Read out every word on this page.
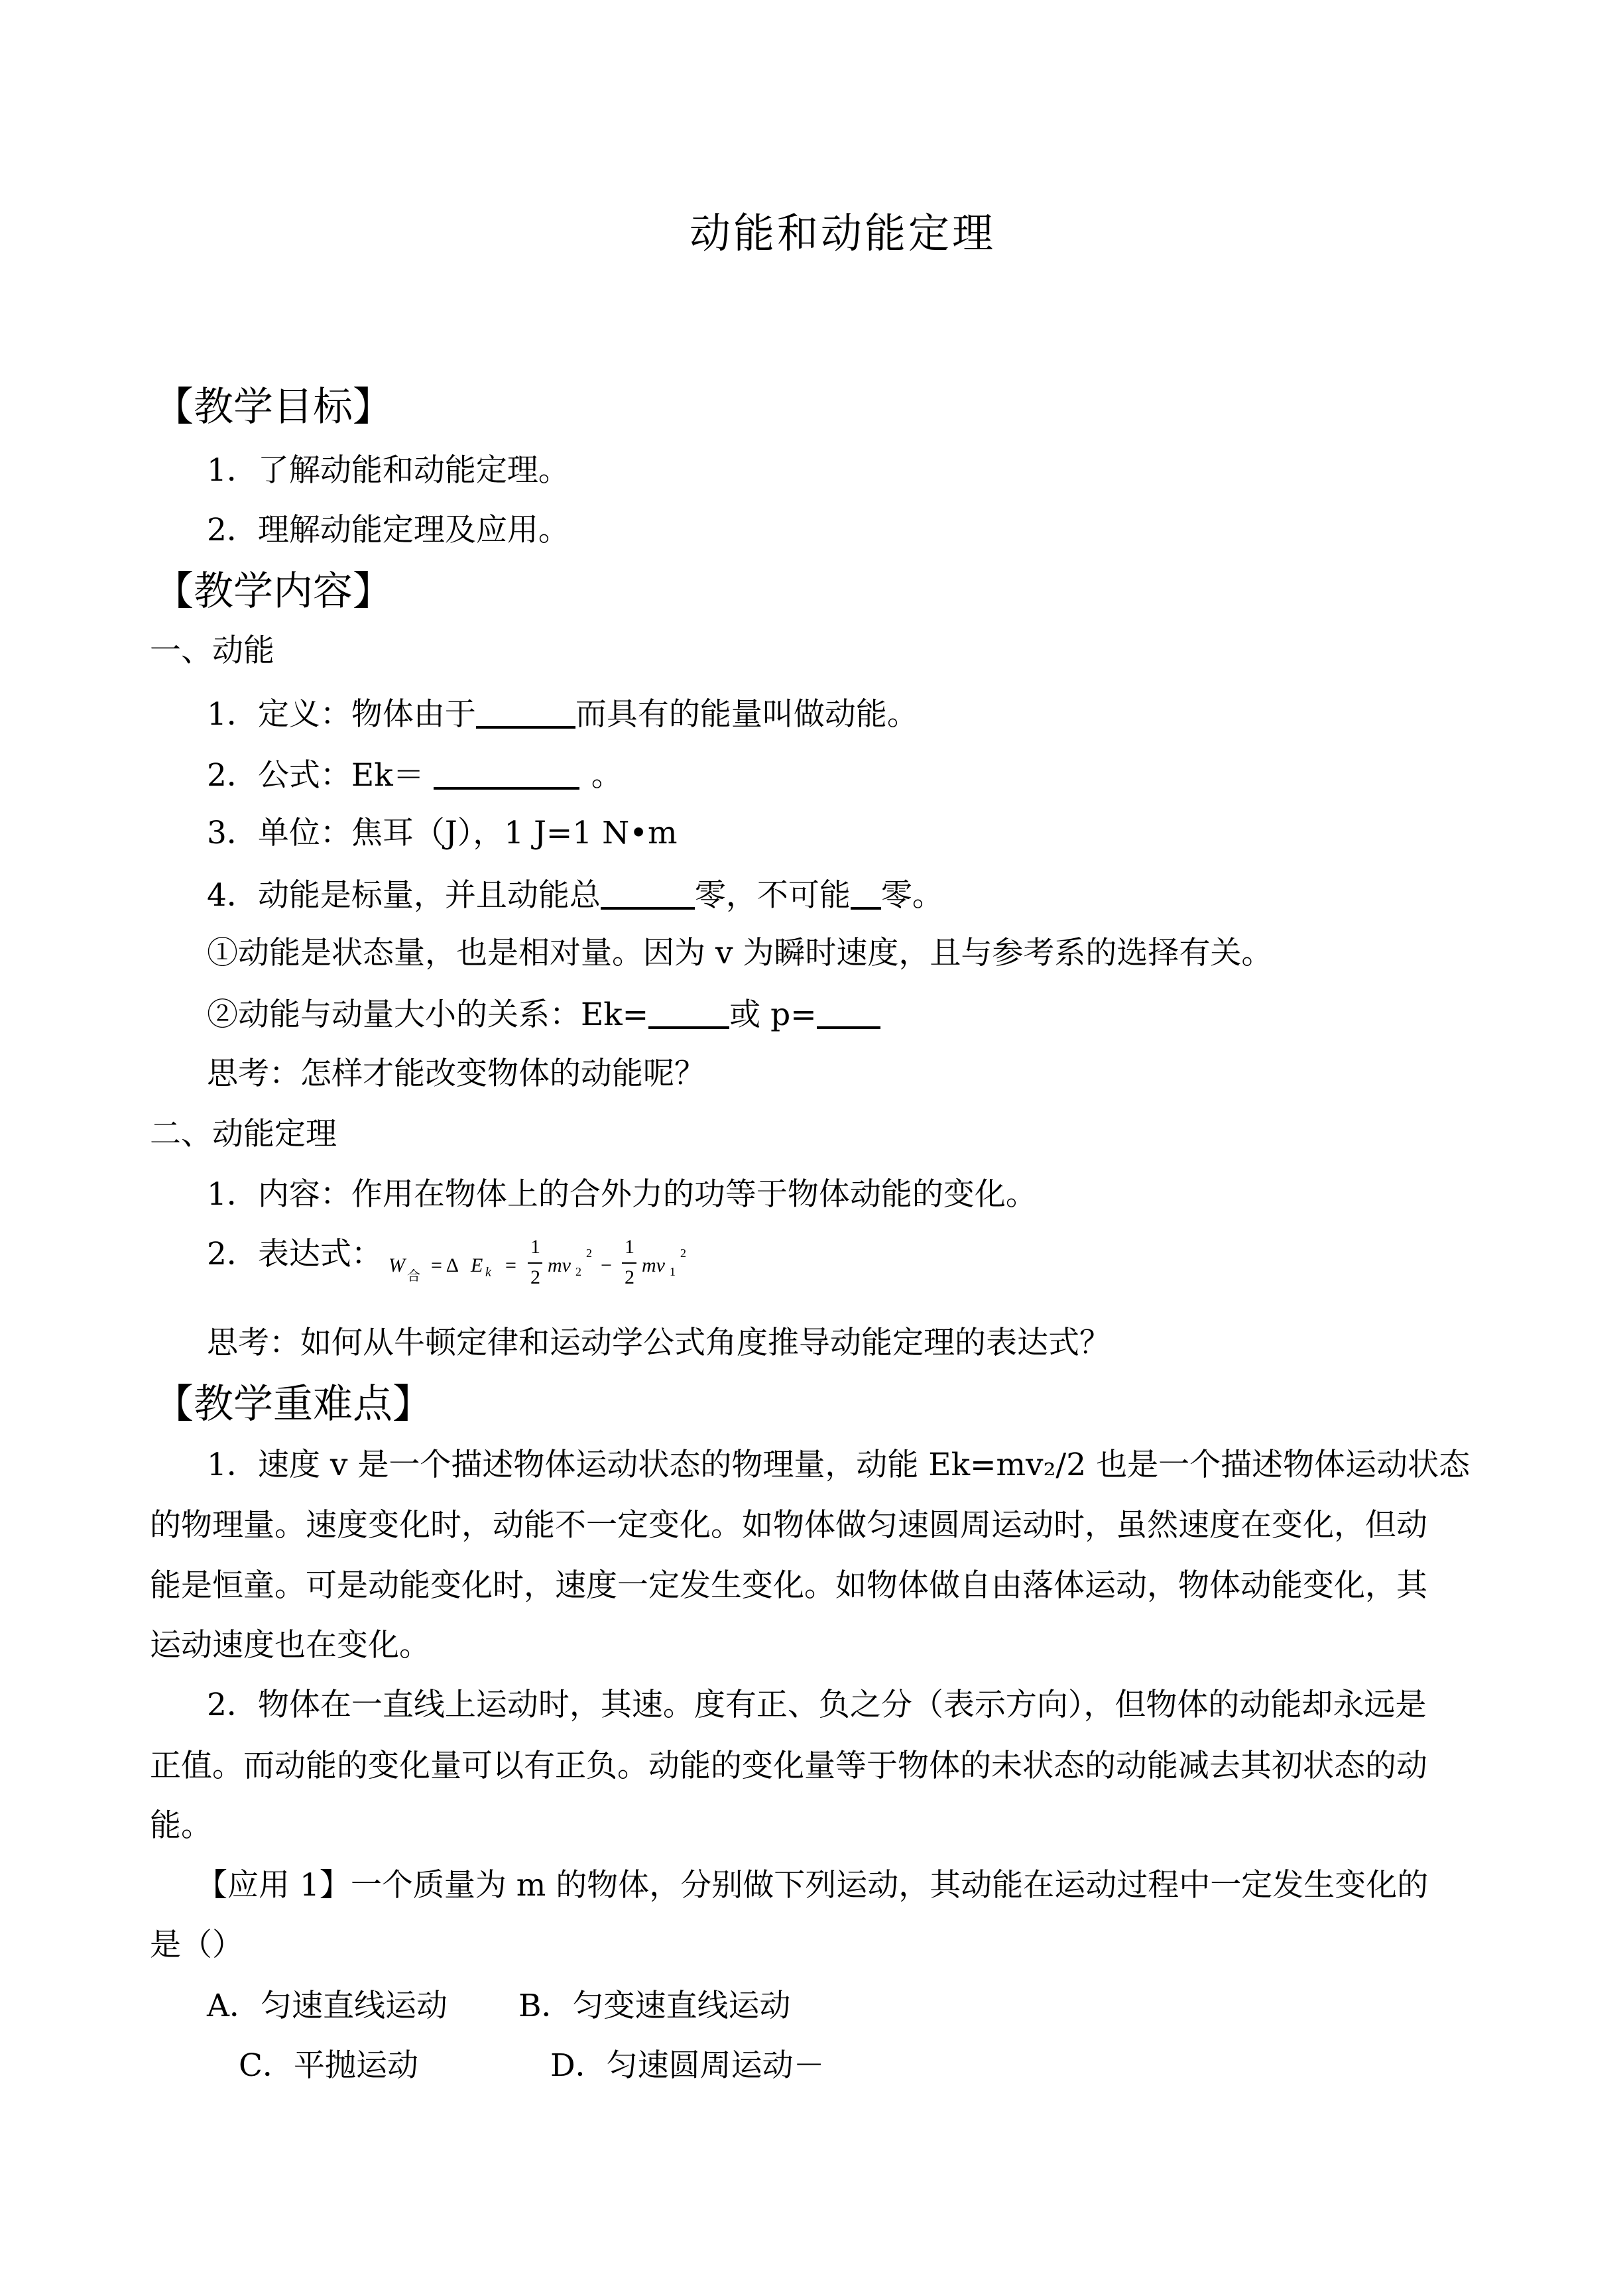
动能和动能定理
【教学目标】
1．了解动能和动能定理。
2．理解动能定理及应用。
【教学内容】
一、动能
1．定义：物体由于	而具有的能量叫做动能。
2．公式：Ek＝	。
3．单位：焦耳（J），1 J=1 N•m
4．动能是标量，并且动能总	零，不可能 零。
①动能是状态量，也是相对量。因为 v 为瞬时速度，且与参考系的选择有关。
②动能与动量大小的关系：Ek=	或 p=
思考：怎样才能改变物体的动能呢？
二、动能定理
1．内容：作用在物体上的合外力的功等于物体动能的变化。
2．表达式： W 合 = Δ E k =
1
2
mv 2
2
−
1
2
mv 1
2
思考：如何从牛顿定律和运动学公式角度推导动能定理的表达式？
【教学重难点】
1．速度 v 是一个描述物体运动状态的物理量，动能 Ek=mv₂/2 也是一个描述物体运动状态
的物理量。速度变化时，动能不一定变化。如物体做匀速圆周运动时，虽然速度在变化，但动
能是恒童。可是动能变化时，速度一定发生变化。如物体做自由落体运动，物体动能变化，其
运动速度也在变化。
2．物体在一直线上运动时，其速。度有正、负之分（表示方向），但物体的动能却永远是
正值。而动能的变化量可以有正负。动能的变化量等于物体的未状态的动能减去其初状态的动
能。
【应用 1】一个质量为 m 的物体，分别做下列运动，其动能在运动过程中一定发生变化的
是（）
A．匀速直线运动 B．匀变速直线运动
C．平抛运动	D．匀速圆周运动－
